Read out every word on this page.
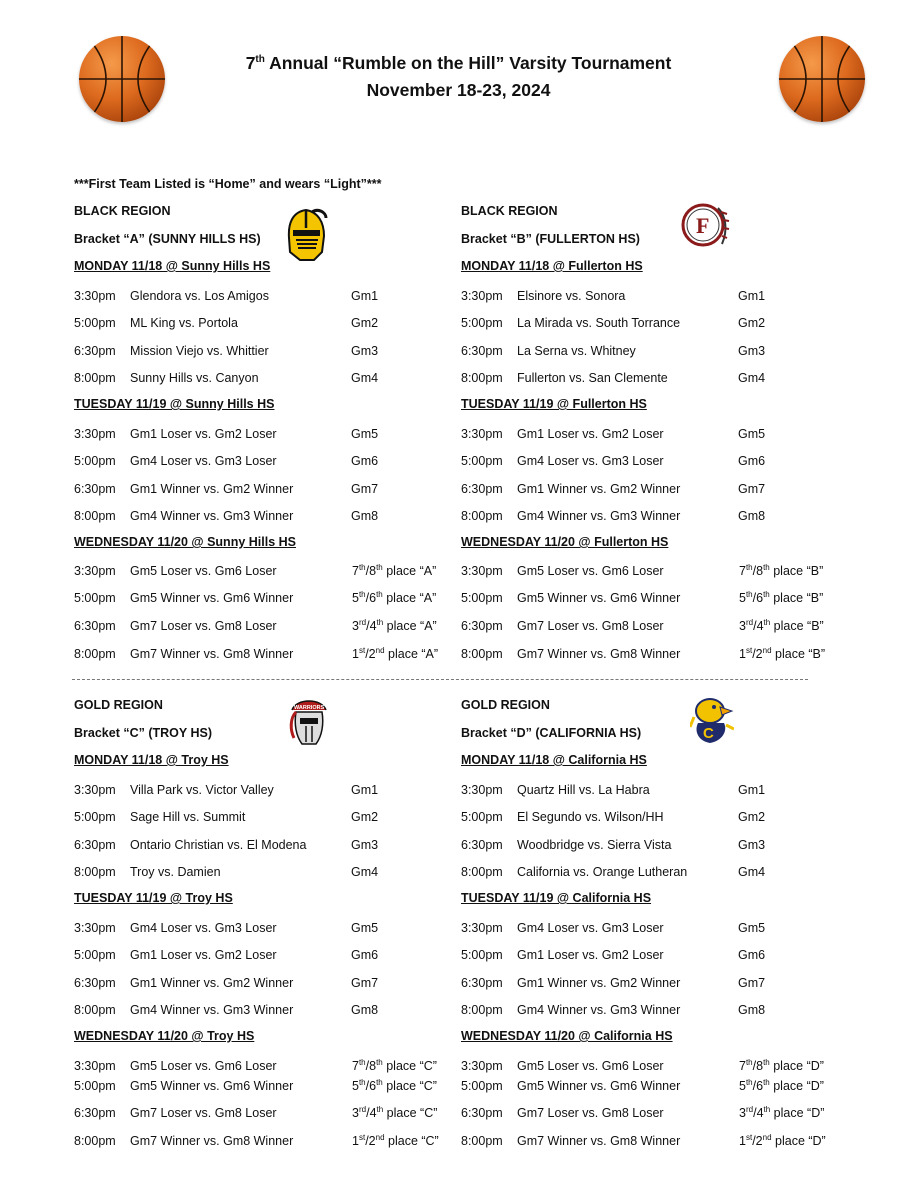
7th Annual “Rumble on the Hill” Varsity Tournament
November 18-23, 2024
***First Team Listed is “Home” and wears “Light”***
BLACK REGION
Bracket “A” (SUNNY HILLS HS)
MONDAY 11/18 @ Sunny Hills HS
3:30pm Glendora vs. Los Amigos	Gm1
5:00pm ML King vs. Portola	Gm2
6:30pm Mission Viejo vs. Whittier	Gm3
8:00pm Sunny Hills vs. Canyon	Gm4
TUESDAY 11/19 @ Sunny Hills HS
3:30pm Gm1 Loser vs. Gm2 Loser	Gm5
5:00pm Gm4 Loser vs. Gm3 Loser	Gm6
6:30pm Gm1 Winner vs. Gm2 Winner	Gm7
8:00pm Gm4 Winner vs. Gm3 Winner	Gm8
WEDNESDAY 11/20 @ Sunny Hills HS
3:30pm Gm5 Loser vs. Gm6 Loser	7th/8th place “A”
5:00pm Gm5 Winner vs. Gm6 Winner	5th/6th place “A”
6:30pm Gm7 Loser vs. Gm8 Loser	3rd/4th place “A”
8:00pm Gm7 Winner vs. Gm8 Winner	1st/2nd place “A”
BLACK REGION
Bracket “B” (FULLERTON HS)
MONDAY 11/18 @ Fullerton HS
3:30pm Elsinore vs. Sonora	Gm1
5:00pm La Mirada vs. South Torrance	Gm2
6:30pm La Serna vs. Whitney	Gm3
8:00pm Fullerton vs. San Clemente	Gm4
TUESDAY 11/19 @ Fullerton HS
3:30pm Gm1 Loser vs. Gm2 Loser	Gm5
5:00pm Gm4 Loser vs. Gm3 Loser	Gm6
6:30pm Gm1 Winner vs. Gm2 Winner	Gm7
8:00pm Gm4 Winner vs. Gm3 Winner	Gm8
WEDNESDAY 11/20 @ Fullerton HS
3:30pm Gm5 Loser vs. Gm6 Loser	7th/8th place “B”
5:00pm Gm5 Winner vs. Gm6 Winner	5th/6th place “B”
6:30pm Gm7 Loser vs. Gm8 Loser	3rd/4th place “B”
8:00pm Gm7 Winner vs. Gm8 Winner	1st/2nd place “B”
GOLD REGION
Bracket “C” (TROY HS)
MONDAY 11/18 @ Troy HS
3:30pm Villa Park vs. Victor Valley	Gm1
5:00pm Sage Hill vs. Summit	Gm2
6:30pm Ontario Christian vs. El Modena	Gm3
8:00pm Troy vs. Damien	Gm4
TUESDAY 11/19 @ Troy HS
3:30pm Gm4 Loser vs. Gm3 Loser	Gm5
5:00pm Gm1 Loser vs. Gm2 Loser	Gm6
6:30pm Gm1 Winner vs. Gm2 Winner	Gm7
8:00pm Gm4 Winner vs. Gm3 Winner	Gm8
WEDNESDAY 11/20 @ Troy HS
3:30pm Gm5 Loser vs. Gm6 Loser	7th/8th place “C”
5:00pm Gm5 Winner vs. Gm6 Winner	5th/6th place “C”
6:30pm Gm7 Loser vs. Gm8 Loser	3rd/4th place “C”
8:00pm Gm7 Winner vs. Gm8 Winner	1st/2nd place “C”
GOLD REGION
Bracket “D” (CALIFORNIA HS)
MONDAY 11/18 @ California HS
3:30pm Quartz Hill vs. La Habra	Gm1
5:00pm El Segundo vs. Wilson/HH	Gm2
6:30pm Woodbridge vs. Sierra Vista	Gm3
8:00pm California vs. Orange Lutheran	Gm4
TUESDAY 11/19 @ California HS
3:30pm Gm4 Loser vs. Gm3 Loser	Gm5
5:00pm Gm1 Loser vs. Gm2 Loser	Gm6
6:30pm Gm1 Winner vs. Gm2 Winner	Gm7
8:00pm Gm4 Winner vs. Gm3 Winner	Gm8
WEDNESDAY 11/20 @ California HS
3:30pm Gm5 Loser vs. Gm6 Loser	7th/8th place “D”
5:00pm Gm5 Winner vs. Gm6 Winner	5th/6th place “D”
6:30pm Gm7 Loser vs. Gm8 Loser	3rd/4th place “D”
8:00pm Gm7 Winner vs. Gm8 Winner	1st/2nd place “D”
F
WARRIORS
C
